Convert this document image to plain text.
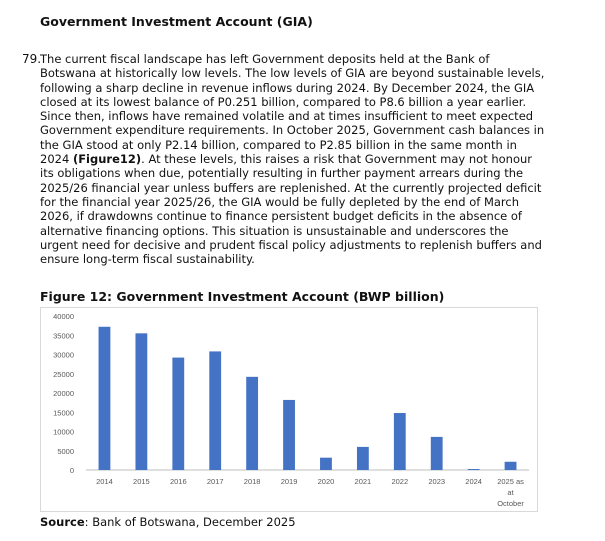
Government Investment Account (GIA)
79.
The current fiscal landscape has left Government deposits held at the Bank of Botswana at historically low levels. The low levels of GIA are beyond sustainable levels, following a sharp decline in revenue inflows during 2024. By December 2024, the GIA closed at its lowest balance of P0.251 billion, compared to P8.6 billion a year earlier. Since then, inflows have remained volatile and at times insufficient to meet expected Government expenditure requirements. In October 2025, Government cash balances in the GIA stood at only P2.14 billion, compared to P2.85 billion in the same month in 2024 (Figure12). At these levels, this raises a risk that Government may not honour its obligations when due, potentially resulting in further payment arrears during the 2025/26 financial year unless buffers are replenished. At the currently projected deficit for the financial year 2025/26, the GIA would be fully depleted by the end of March 2026, if drawdowns continue to finance persistent budget deficits in the absence of alternative financing options. This situation is unsustainable and underscores the urgent need for decisive and prudent fiscal policy adjustments to replenish buffers and ensure long-term fiscal sustainability.
Figure 12: Government Investment Account (BWP billion)
0
5000
10000
15000
20000
25000
30000
35000
40000
2014	2015	2016	2017	2018	2019	2020	2021	2022	2023	2024 2025 as at October
Source: Bank of Botswana, December 2025
